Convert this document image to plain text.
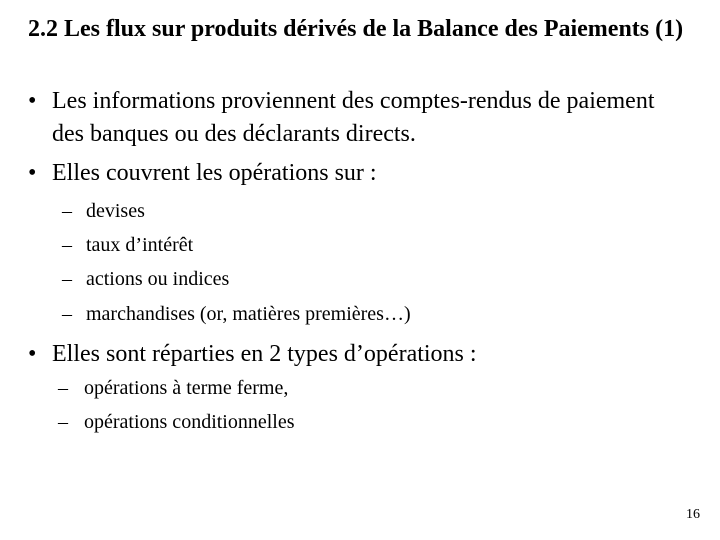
2.2 Les flux sur produits dérivés de la Balance des Paiements (1)
• Les informations proviennent des comptes-rendus de paiement des banques ou des déclarants directs.
• Elles couvrent les opérations sur :
– devises
– taux d’intérêt
– actions ou indices
– marchandises (or, matières premières…)
• Elles sont réparties en 2 types d’opérations :
– opérations à terme ferme,
– opérations conditionnelles
16
